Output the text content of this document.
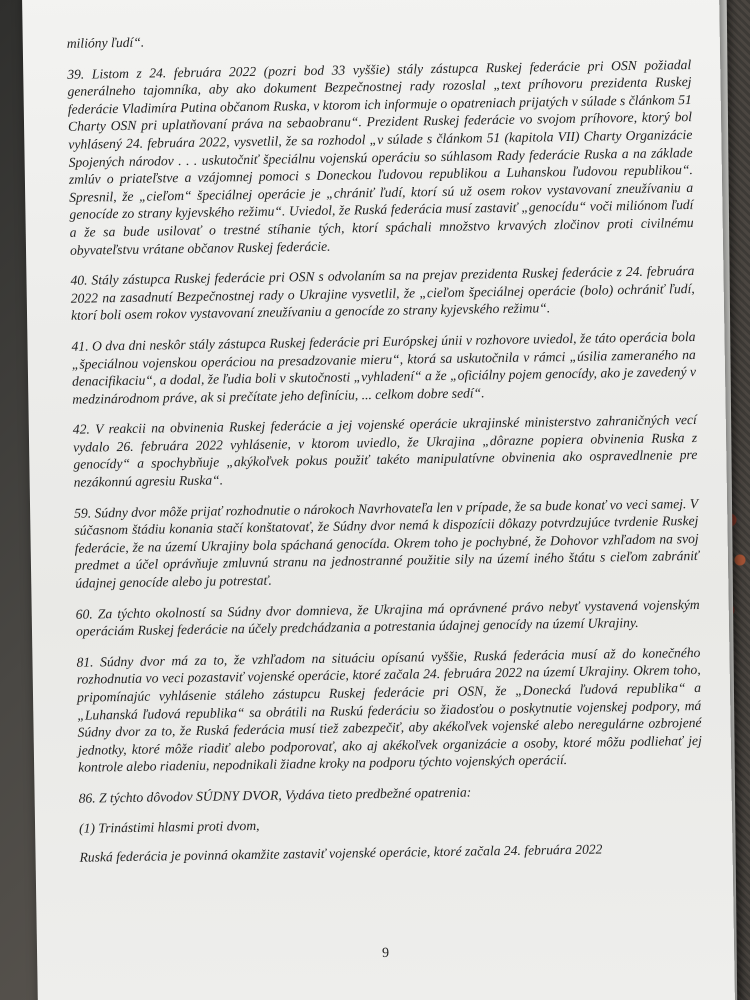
milióny ľudí“.

39. Listom z 24. februára 2022 (pozri bod 33 vyššie) stály zástupca Ruskej federácie pri OSN požiadal generálneho tajomníka, aby ako dokument Bezpečnostnej rady rozoslal „text príhovoru prezidenta Ruskej federácie Vladimíra Putina občanom Ruska, v ktorom ich informuje o opatreniach prijatých v súlade s článkom 51 Charty OSN pri uplatňovaní práva na sebaobranu“. Prezident Ruskej federácie vo svojom príhovore, ktorý bol vyhlásený 24. februára 2022, vysvetlil, že sa rozhodol „v súlade s článkom 51 (kapitola VII) Charty Organizácie Spojených národov . . . uskutočniť špeciálnu vojenskú operáciu so súhlasom Rady federácie Ruska a na základe zmlúv o priateľstve a vzájomnej pomoci s Doneckou ľudovou republikou a Luhanskou ľudovou republikou“. Spresnil, že „cieľom“ špeciálnej operácie je „chrániť ľudí, ktorí sú už osem rokov vystavovaní zneužívaniu a genocíde zo strany kyjevského režimu“. Uviedol, že Ruská federácia musí zastaviť „genocídu“ voči miliónom ľudí a že sa bude usilovať o trestné stíhanie tých, ktorí spáchali množstvo krvavých zločinov proti civilnému obyvateľstvu vrátane občanov Ruskej federácie.

40. Stály zástupca Ruskej federácie pri OSN s odvolaním sa na prejav prezidenta Ruskej federácie z 24. februára 2022 na zasadnutí Bezpečnostnej rady o Ukrajine vysvetlil, že „cieľom špeciálnej operácie (bolo) ochrániť ľudí, ktorí boli osem rokov vystavovaní zneužívaniu a genocíde zo strany kyjevského režimu“.

41. O dva dni neskôr stály zástupca Ruskej federácie pri Európskej únii v rozhovore uviedol, že táto operácia bola „špeciálnou vojenskou operáciou na presadzovanie mieru“, ktorá sa uskutočnila v rámci „úsilia zameraného na denacifikaciu“, a dodal, že ľudia boli v skutočnosti „vyhladení“ a že „oficiálny pojem genocídy, ako je zavedený v medzinárodnom práve, ak si prečítate jeho definíciu, ... celkom dobre sedí“.

42. V reakcii na obvinenia Ruskej federácie a jej vojenské operácie ukrajinské ministerstvo zahraničných vecí vydalo 26. februára 2022 vyhlásenie, v ktorom uviedlo, že Ukrajina „dôrazne popiera obvinenia Ruska z genocídy“ a spochybňuje „akýkoľvek pokus použiť takéto manipulatívne obvinenia ako ospravedlnenie pre nezákonnú agresiu Ruska“.

59. Súdny dvor môže prijať rozhodnutie o nárokoch Navrhovateľa len v prípade, že sa bude konať vo veci samej. V súčasnom štádiu konania stačí konštatovať, že Súdny dvor nemá k dispozícii dôkazy potvrdzujúce tvrdenie Ruskej federácie, že na území Ukrajiny bola spáchaná genocída. Okrem toho je pochybné, že Dohovor vzhľadom na svoj predmet a účel oprávňuje zmluvnú stranu na jednostranné použitie sily na území iného štátu s cieľom zabrániť údajnej genocíde alebo ju potrestať.

60. Za týchto okolností sa Súdny dvor domnieva, že Ukrajina má oprávnené právo nebyť vystavená vojenským operáciám Ruskej federácie na účely predchádzania a potrestania údajnej genocídy na území Ukrajiny.

81. Súdny dvor má za to, že vzhľadom na situáciu opísanú vyššie, Ruská federácia musí až do konečného rozhodnutia vo veci pozastaviť vojenské operácie, ktoré začala 24. februára 2022 na území Ukrajiny. Okrem toho, pripomínajúc vyhlásenie stáleho zástupcu Ruskej federácie pri OSN, že „Donecká ľudová republika“ a „Luhanská ľudová republika“ sa obrátili na Ruskú federáciu so žiadosťou o poskytnutie vojenskej podpory, má Súdny dvor za to, že Ruská federácia musí tiež zabezpečiť, aby akékoľvek vojenské alebo neregulárne ozbrojené jednotky, ktoré môže riadiť alebo podporovať, ako aj akékoľvek organizácie a osoby, ktoré môžu podliehať jej kontrole alebo riadeniu, nepodnikali žiadne kroky na podporu týchto vojenských operácií.

86. Z týchto dôvodov SÚDNY DVOR, Vydáva tieto predbežné opatrenia:

(1) Trinástimi hlasmi proti dvom,

Ruská federácia je povinná okamžite zastaviť vojenské operácie, ktoré začala 24. februára 2022

9
